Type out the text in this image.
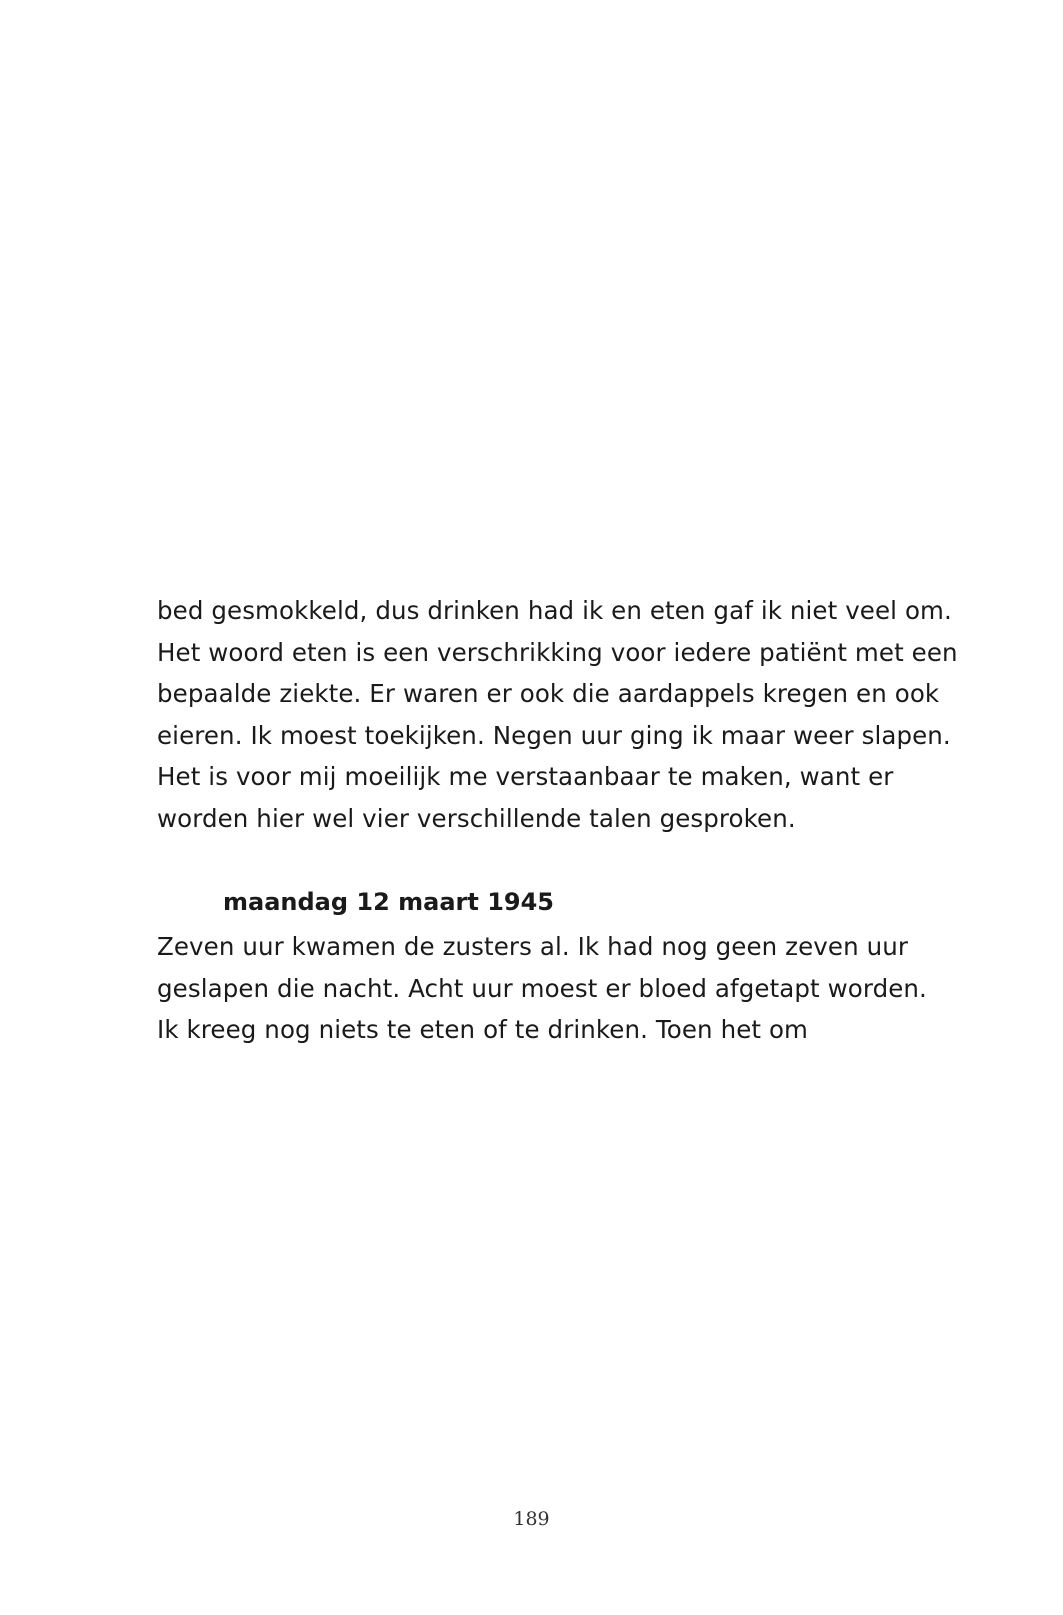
bed gesmokkeld, dus drinken had ik en eten gaf ik niet veel om.
Het woord eten is een verschrikking voor iedere patiënt met een
bepaalde ziekte. Er waren er ook die aardappels kregen en ook
eieren. Ik moest toekijken. Negen uur ging ik maar weer slapen.
Het is voor mij moeilijk me verstaanbaar te maken, want er
worden hier wel vier verschillende talen gesproken.
maandag 12 maart 1945
Zeven uur kwamen de zusters al. Ik had nog geen zeven uur
geslapen die nacht. Acht uur moest er bloed afgetapt worden.
Ik kreeg nog niets te eten of te drinken. Toen het om
189
